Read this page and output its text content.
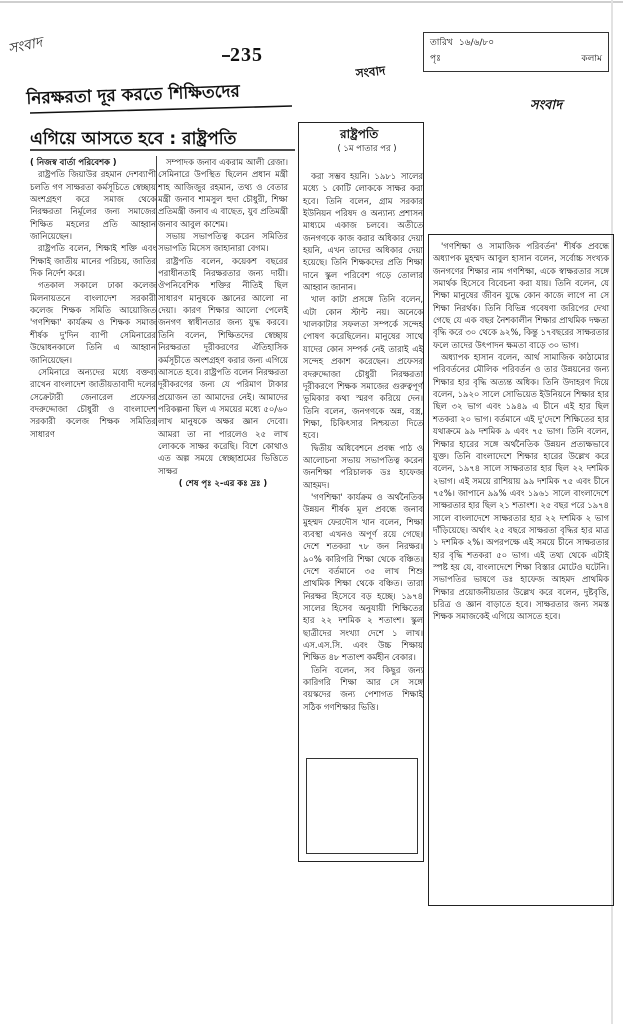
সংবাদ	235
তারিখ ১৬/৬/৮০
পৃঃ	কলাম
সংবাদ
সংবাদ
নিরক্ষরতা দূর করতে শিক্ষিতদের
এগিয়ে আসতে হবে : রাষ্ট্রপতি

( নিজস্ব বার্তা পরিবেশক )

রাষ্ট্রপতি জিয়াউর রহমান দেশব্যাপী চলতি গণ সাক্ষরতা কর্মসূচিতে স্বেচ্ছায় অংশগ্রহণ করে সমাজ থেকে নিরক্ষরতা নির্মূলের জন্য সমাজের শিক্ষিত মহলের প্রতি আহ্বান জানিয়েছেন।

রাষ্ট্রপতি বলেন, শিক্ষাই শক্তি এবং শিক্ষাই জাতীয় মানের পরিচয়, জাতির দিক নির্দেশ করে।

গতকাল সকালে ঢাকা কলেজ মিলনায়তনে বাংলাদেশ সরকারী কলেজ শিক্ষক সমিতি আয়োজিত 'গণশিক্ষা' কার্যক্রম ও শিক্ষক সমাজ শীর্ষক দু'দিন ব্যাপী সেমিনারের উদ্বোধনকালে তিনি এ আহ্বান জানিয়েছেন।

সেমিনারে অন্যদের মধ্যে বক্তব্য রাখেন বাংলাদেশ জাতীয়তাবাদী দলের সেক্রেটারী জেনারেল প্রফেসর বদরুদ্দোজা চৌধুরী ও বাংলাদেশ সরকারী কলেজ শিক্ষক সমিতির সাধারণ

সম্পাদক জনাব একরাম আলী রেজা। সেমিনারে উপস্থিত ছিলেন প্রধান মন্ত্রী শাহ আজিজুর রহমান, তথ্য ও বেতার মন্ত্রী জনাব শামসুল হুদা চৌধুরী, শিক্ষা প্রতিমন্ত্রী জনাব এ বাছেত, যুব প্রতিমন্ত্রী জনাব আবুল কাশেম।

সভায় সভাপতিত্ব করেন সমিতির সভাপতি মিসেস জাহানারা বেগম।

রাষ্ট্রপতি বলেন, কয়েকশ বছরের পরাধীনতাই নিরক্ষরতার জন্য দায়ী। ঔপনিবেশিক শক্তির নীতিই ছিল সাধারণ মানুষকে জ্ঞানের আলো না দেয়া। কারণ শিক্ষার আলো পেলেই জনগণ স্বাধীনতার জন্য যুদ্ধ করবে। তিনি বলেন, শিক্ষিতদের স্বেচ্ছায় নিরক্ষরতা দূরীকরণের ঐতিহাসিক কর্মসূচীতে অংশগ্রহণ করার জন্য এগিয়ে আসতে হবে। রাষ্ট্রপতি বলেন নিরক্ষরতা দূরীকরণের জন্য যে পরিমাণ টাকার প্রয়োজন তা আমাদের নেই। আমাদের পরিকল্পনা ছিল এ সময়ের মধ্যে ৫০/৬০ লাখ মানুষকে অক্ষর জ্ঞান দেবো। আমরা তা না পারলেও ২৫ লাখ লোককে সাক্ষর করেছি। বিশে কোথাও এত অল্প সময়ে স্বেচ্ছাশ্রমের ভিত্তিতে সাক্ষর

( শেষ পৃঃ ২-এর কঃ দ্রঃ )

রাষ্ট্রপতি
( ১ম পাতার পর )

করা সম্ভব হয়নি। ১৯৮১ সালের মধ্যে ১ কোটি লোককে সাক্ষর করা হবে। তিনি বলেন, গ্রাম সরকার ইউনিয়ন পরিষদ ও অন্যান্য প্রশাসন মাধ্যমে একাজ চলবে। অতীতে জনগণকে কাজ করার অধিকার দেয়া হয়নি, এখন তাদের অধিকার দেয়া হয়েছে। তিনি শিক্ষকদের প্রতি শিক্ষা দানে স্কুল পরিবেশ গড়ে তোলার আহ্বান জানান।

খাল কাটা প্রসঙ্গে তিনি বলেন, এটা কোন স্টান্ট নয়। অনেকে খালকাটার সফলতা সম্পর্কে সন্দেহ পোষণ করেছিলেন। মানুষের সাথে যাদের কোন সম্পর্ক নেই তারাই এই সন্দেহ প্রকাশ করেছেন। প্রফেসর বদরুদ্দোজা চৌধুরী নিরক্ষরতা দূরীকরণে শিক্ষক সমাজের গুরুত্বপূর্ণ ভূমিকার কথা স্মরণ করিয়ে দেন। তিনি বলেন, জনগণকে অন্ন, বস্ত্র, শিক্ষা, চিকিৎসার নিশ্চয়তা দিতে হবে।

দ্বিতীয় অধিবেশনে প্রবন্ধ পাঠ ও আলোচনা সভায় সভাপতিত্ব করেন জনশিক্ষা পরিচালক ডঃ হাফেজ আহমদ।

'গণশিক্ষা' কার্যক্রম ও অর্থনৈতিক উন্নয়ন শীর্ষক মূল প্রবন্ধে জনাব মুহম্মদ ফেরদৌস খান বলেন, শিক্ষা ব্যবস্থা এখনও অপূর্ণ রয়ে গেছে। দেশে শতকরা ৭৮ জন নিরক্ষর। ৯০% কারিগরি শিক্ষা থেকে বঞ্চিত। দেশে বর্তমানে ৩৫ লাখ শিশু প্রাথমিক শিক্ষা থেকে বঞ্চিত। তারা নিরক্ষর হিসেবে বড় হচ্ছে। ১৯৭৪ সালের হিসেব অনুযায়ী শিক্ষিতের হার ২২ দশমিক ২ শতাংশ। স্কুল ছাত্রীদের সংখ্যা দেশে ১ লাখ। এস.এস.সি. এবং উচ্চ শিক্ষায় শিক্ষিত ৪৮ শতাংশ কর্মহীন বেকার।

তিনি বলেন, সব কিছুর জন্য কারিগরি শিক্ষা আর সে সঙ্গে বয়স্কদের জন্য পেশাগত শিক্ষাই সঠিক গণশিক্ষার ভিত্তি।

'গণশিক্ষা ও সামাজিক পরিবর্তন' শীর্ষক প্রবন্ধে অধ্যাপক মুহম্মদ আবুল হাসান বলেন, সর্বোচ্চ সংখ্যক জনগণের শিক্ষার নাম গণশিক্ষা, একে স্বাক্ষরতার সঙ্গে সমার্থক হিসেবে বিবেচনা করা যায়। তিনি বলেন, যে শিক্ষা মানুষের জীবন যুদ্ধে কোন কাজে লাগে না সে শিক্ষা নিরর্থক। তিনি বিভিন্ন গবেষণা জরিপের দেখা গেছে যে এক বছর নৈশকালীন শিক্ষার প্রাথমিক দক্ষতা বৃদ্ধি করে ৩০ থেকে ৯২%, কিন্তু ১৭বছরের সাক্ষরতার ফলে তাদের উৎপাদন ক্ষমতা বাড়ে ৩০ ভাগ।

অধ্যাপক হাসান বলেন, আর্থ সামাজিক কাঠামোর পরিবর্তনের মৌলিক পরিবর্তন ও তার উন্নয়নের জন্য শিক্ষার হার বৃদ্ধি অত্যন্ত অধিক। তিনি উদাহরণ দিয়ে বলেন, ১৯২০ সালে সোভিয়েত ইউনিয়নে শিক্ষার হার ছিল ৩২ ভাগ এবং ১৯৪৯ এ চীনে এই হার ছিল শতকরা ২০ ভাগ। বর্তমানে এই দু'দেশে শিক্ষিতের হার যথাক্রমে ৯৯ দশমিক ৯ এবং ৭৫ ভাগ। তিনি বলেন, শিক্ষার হারের সঙ্গে অর্থনৈতিক উন্নয়ন প্রত্যক্ষভাবে যুক্ত। তিনি বাংলাদেশে শিক্ষার হারের উল্লেখ করে বলেন, ১৯৭৪ সালে সাক্ষরতার হার ছিল ২২ দশমিক ২ভাগ। এই সময়ে রাশিয়ায় ৯৯ দশমিক ৭৫ এবং চীনে ৭৫%। জাপানে ৯৯% এবং ১৯৬১ সালে বাংলাদেশে সাক্ষরতার হার ছিল ২১ শতাংশ। ২৫ বছর পরে ১৯৭৪ সালে বাংলাদেশে সাক্ষরতার হার ২২ দশমিক ২ ভাগ দাঁড়িয়েছে। অর্থাৎ ২৫ বছরে সাক্ষরতা বৃদ্ধির হার মাত্র ১ দশমিক ২%। অপরপক্ষে এই সময়ে চীনে সাক্ষরতার হার বৃদ্ধি শতকরা ৫০ ভাগ। এই তথ্য থেকে এটাই স্পষ্ট হয় যে, বাংলাদেশে শিক্ষা বিস্তার মোটেও ঘটেনি। সভাপতির ভাষণে ডঃ হাফেজ আহমদ প্রাথমিক শিক্ষার প্রয়োজনীয়তার উল্লেখ করে বলেন, দুষ্টবৃত্তি, চরিত্র ও জ্ঞান বাড়াতে হবে। সাক্ষরতার জন্য সমস্ত শিক্ষক সমাজকেই এগিয়ে আসতে হবে।
